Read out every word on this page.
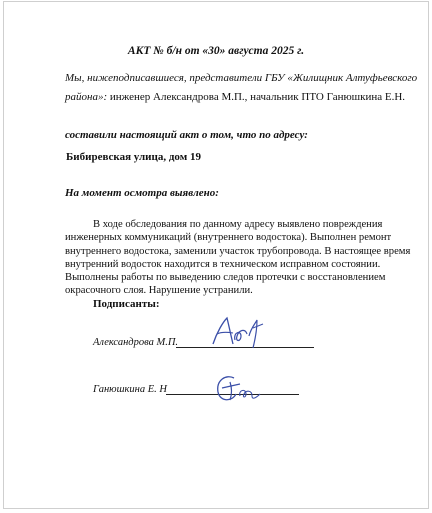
АКТ № б/н от «30» августа 2025 г.
Мы, нижеподписавшиеся, представители ГБУ «Жилищник Алтуфьевского
района»: инженер Александрова М.П., начальник ПТО Ганюшкина Е.Н.
составили настоящий акт о том, что по адресу:
Бибиревская улица, дом 19
На момент осмотра выявлено:
В ходе обследования по данному адресу выявлено повреждения
инженерных коммуникаций (внутреннего водостока). Выполнен ремонт
внутреннего водостока, заменили участок трубопровода. В настоящее время
внутренний водосток находится в техническом исправном состоянии.
Выполнены работы по выведению следов протечки с восстановлением
окрасочного слоя. Нарушение устранили.
Подписанты:
Александрова М.П.
Ганюшкина Е. Н
